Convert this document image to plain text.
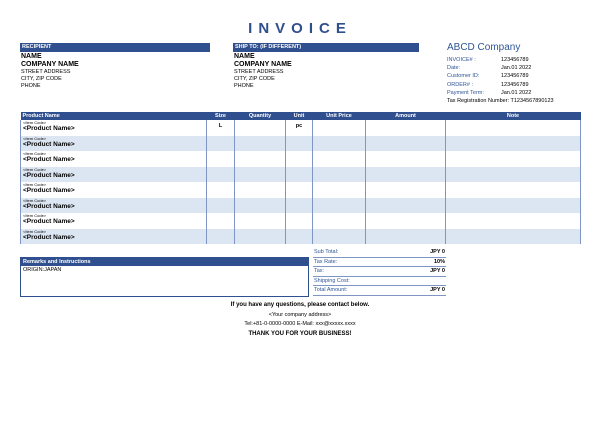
INVOICE
RECIPIENT
NAME
COMPANY NAME
STREET ADDRESS
CITY, ZIP CODE
PHONE
SHIP TO: (IF DIFFERENT)
NAME
COMPANY NAME
STREET ADDRESS
CITY, ZIP CODE
PHONE
ABCD Company
INVOICE# :	123456789
Date:	Jan.01 2022
Customer ID:	123456789
ORDER# :	123456789
Payment Term:	Jan.01 2022
Tax Registration Number: T1234567890123
Product Name	Size	Quantity	Unit	Unit Price	Amount	Note

<Item Code>
<Product Name>	L		pc			

<Item Code>
<Product Name>						

<Item Code>
<Product Name>						

<Item Code>
<Product Name>						

<Item Code>
<Product Name>						

<Item Code>
<Product Name>						

<Item Code>
<Product Name>						

<Item Code>
<Product Name>						

Remarks and Instructions
ORIGIN:JAPAN
Sub Total:	JPY 0
Tax Rate:	10%
Tax:	JPY 0
Shipping Cost:
Total Amount:	JPY 0
If you have any questions, please contact below.
<Your company address>
Tel:+81-0-0000-0000 E-Mail: xxx@xxxxx.xxxx
THANK YOU FOR YOUR BUSINESS!
